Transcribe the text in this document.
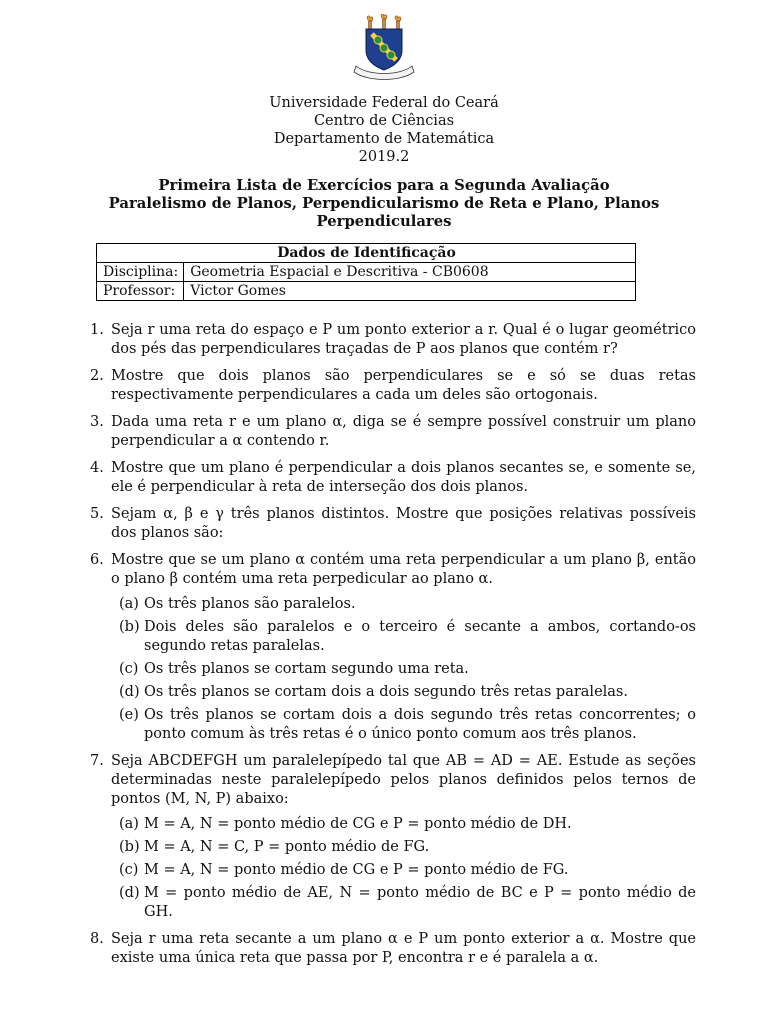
Universidade Federal do Ceará
Centro de Ciências
Departamento de Matemática
2019.2
Primeira Lista de Exercícios para a Segunda Avaliação
Paralelismo de Planos, Perpendicularismo de Reta e Plano, Planos
Perpendiculares
Dados de Identificação	
Disciplina:	Geometria Espacial e Descritiva - CB0608
Professor:	Victor Gomes
1. Seja r uma reta do espaço e P um ponto exterior a r. Qual é o lugar geométrico dos pés das perpendiculares traçadas de P aos planos que contém r?
2. Mostre que dois planos são perpendiculares se e só se duas retas respectivamente perpendiculares a cada um deles são ortogonais.
3. Dada uma reta r e um plano α, diga se é sempre possível construir um plano perpendicular a α contendo r.
4. Mostre que um plano é perpendicular a dois planos secantes se, e somente se, ele é perpendicular à reta de interseção dos dois planos.
5. Sejam α, β e γ três planos distintos. Mostre que posições relativas possíveis dos planos são:
6. Mostre que se um plano α contém uma reta perpendicular a um plano β, então o plano β contém uma reta perpedicular ao plano α.
(a) Os três planos são paralelos.
(b) Dois deles são paralelos e o terceiro é secante a ambos, cortando-os segundo retas paralelas.
(c) Os três planos se cortam segundo uma reta.
(d) Os três planos se cortam dois a dois segundo três retas paralelas.
(e) Os três planos se cortam dois a dois segundo três retas concorrentes; o ponto comum às três retas é o único ponto comum aos três planos.
7. Seja ABCDEFGH um paralelepípedo tal que AB = AD = AE. Estude as seções determinadas neste paralelepípedo pelos planos definidos pelos ternos de pontos (M, N, P) abaixo:
(a) M = A, N = ponto médio de CG e P = ponto médio de DH.
(b) M = A, N = C, P = ponto médio de FG.
(c) M = A, N = ponto médio de CG e P = ponto médio de FG.
(d) M = ponto médio de AE, N = ponto médio de BC e P = ponto médio de GH.
8. Seja r uma reta secante a um plano α e P um ponto exterior a α. Mostre que existe uma única reta que passa por P, encontra r e é paralela a α.
